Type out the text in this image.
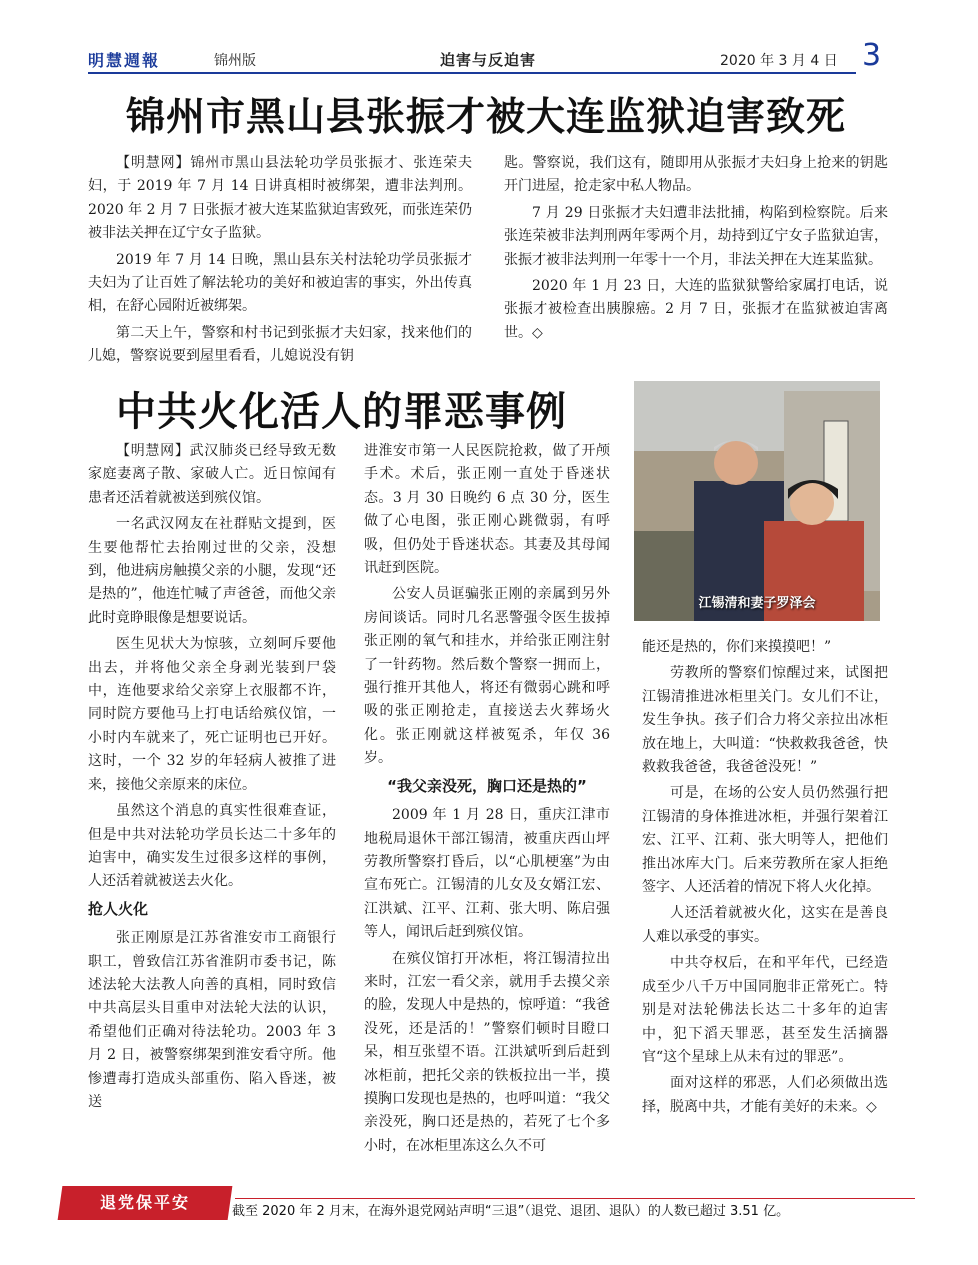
明慧週報	锦州版	迫害与反迫害	2020 年 3 月 4 日 3
锦州市黑山县张振才被大连监狱迫害致死

【明慧网】锦州市黑山县法轮功学员张振才、张连荣夫妇，于 2019 年 7 月 14 日讲真相时被绑架，遭非法判刑。2020 年 2 月 7 日张振才被大连某监狱迫害致死，而张连荣仍被非法关押在辽宁女子监狱。

2019 年 7 月 14 日晚，黑山县东关村法轮功学员张振才夫妇为了让百姓了解法轮功的美好和被迫害的事实，外出传真相，在舒心园附近被绑架。

第二天上午，警察和村书记到张振才夫妇家，找来他们的儿媳，警察说要到屋里看看，儿媳说没有钥

匙。警察说，我们这有，随即用从张振才夫妇身上抢来的钥匙开门进屋，抢走家中私人物品。

7 月 29 日张振才夫妇遭非法批捕，构陷到检察院。后来张连荣被非法判刑两年零两个月，劫持到辽宁女子监狱迫害，张振才被非法判刑一年零十一个月，非法关押在大连某监狱。

2020 年 1 月 23 日，大连的监狱狱警给家属打电话，说张振才被检查出胰腺癌。2 月 7 日，张振才在监狱被迫害离世。◇

中共火化活人的罪恶事例

【明慧网】武汉肺炎已经导致无数家庭妻离子散、家破人亡。近日惊闻有患者还活着就被送到殡仪馆。

一名武汉网友在社群贴文提到，医生要他帮忙去抬刚过世的父亲，没想到，他进病房触摸父亲的小腿，发现“还是热的”，他连忙喊了声爸爸，而他父亲此时竟睁眼像是想要说话。

医生见状大为惊骇，立刻呵斥要他出去，并将他父亲全身剥光装到尸袋中，连他要求给父亲穿上衣服都不许，同时院方要他马上打电话给殡仪馆，一小时内车就来了，死亡证明也已开好。这时，一个 32 岁的年轻病人被推了进来，接他父亲原来的床位。

虽然这个消息的真实性很难查证，但是中共对法轮功学员长达二十多年的迫害中，确实发生过很多这样的事例，人还活着就被送去火化。

抢人火化

张正刚原是江苏省淮安市工商银行职工，曾致信江苏省淮阴市委书记，陈述法轮大法教人向善的真相，同时致信中共高层头目重申对法轮大法的认识，希望他们正确对待法轮功。2003 年 3 月 2 日，被警察绑架到淮安看守所。他惨遭毒打造成头部重伤、陷入昏迷，被送

进淮安市第一人民医院抢救，做了开颅手术。术后，张正刚一直处于昏迷状态。3 月 30 日晚约 6 点 30 分，医生做了心电图，张正刚心跳微弱，有呼吸，但仍处于昏迷状态。其妻及其母闻讯赶到医院。

公安人员诓骗张正刚的亲属到另外房间谈话。同时几名恶警强令医生拔掉张正刚的氧气和挂水，并给张正刚注射了一针药物。然后数个警察一拥而上，强行推开其他人，将还有微弱心跳和呼吸的张正刚抢走，直接送去火葬场火化。张正刚就这样被冤杀，年仅 36 岁。

“我父亲没死，胸口还是热的”

2009 年 1 月 28 日，重庆江津市地税局退休干部江锡清，被重庆西山坪劳教所警察打昏后，以“心肌梗塞”为由宣布死亡。江锡清的儿女及女婿江宏、江洪斌、江平、江莉、张大明、陈启强等人，闻讯后赶到殡仪馆。

在殡仪馆打开冰柜，将江锡清拉出来时，江宏一看父亲，就用手去摸父亲的脸，发现人中是热的，惊呼道：“我爸没死，还是活的！”警察们顿时目瞪口呆，相互张望不语。江洪斌听到后赶到冰柜前，把托父亲的铁板拉出一半，摸摸胸口发现也是热的，也呼叫道：“我父亲没死，胸口还是热的，若死了七个多小时，在冰柜里冻这么久不可

江锡清和妻子罗泽会

能还是热的，你们来摸摸吧！”

劳教所的警察们惊醒过来，试图把江锡清推进冰柜里关门。女儿们不让，发生争执。孩子们合力将父亲拉出冰柜放在地上，大叫道：“快救救我爸爸，快救救我爸爸，我爸爸没死！”

可是，在场的公安人员仍然强行把江锡清的身体推进冰柜，并强行架着江宏、江平、江莉、张大明等人，把他们推出冰库大门。后来劳教所在家人拒绝签字、人还活着的情况下将人火化掉。

人还活着就被火化，这实在是善良人难以承受的事实。

中共夺权后，在和平年代，已经造成至少八千万中国同胞非正常死亡。特别是对法轮佛法长达二十多年的迫害中，犯下滔天罪恶，甚至发生活摘器官“这个星球上从未有过的罪恶”。

面对这样的邪恶，人们必须做出选择，脱离中共，才能有美好的未来。◇

退党保平安	截至 2020 年 2 月末，在海外退党网站声明“三退”（退党、退团、退队）的人数已超过 3.51 亿。
